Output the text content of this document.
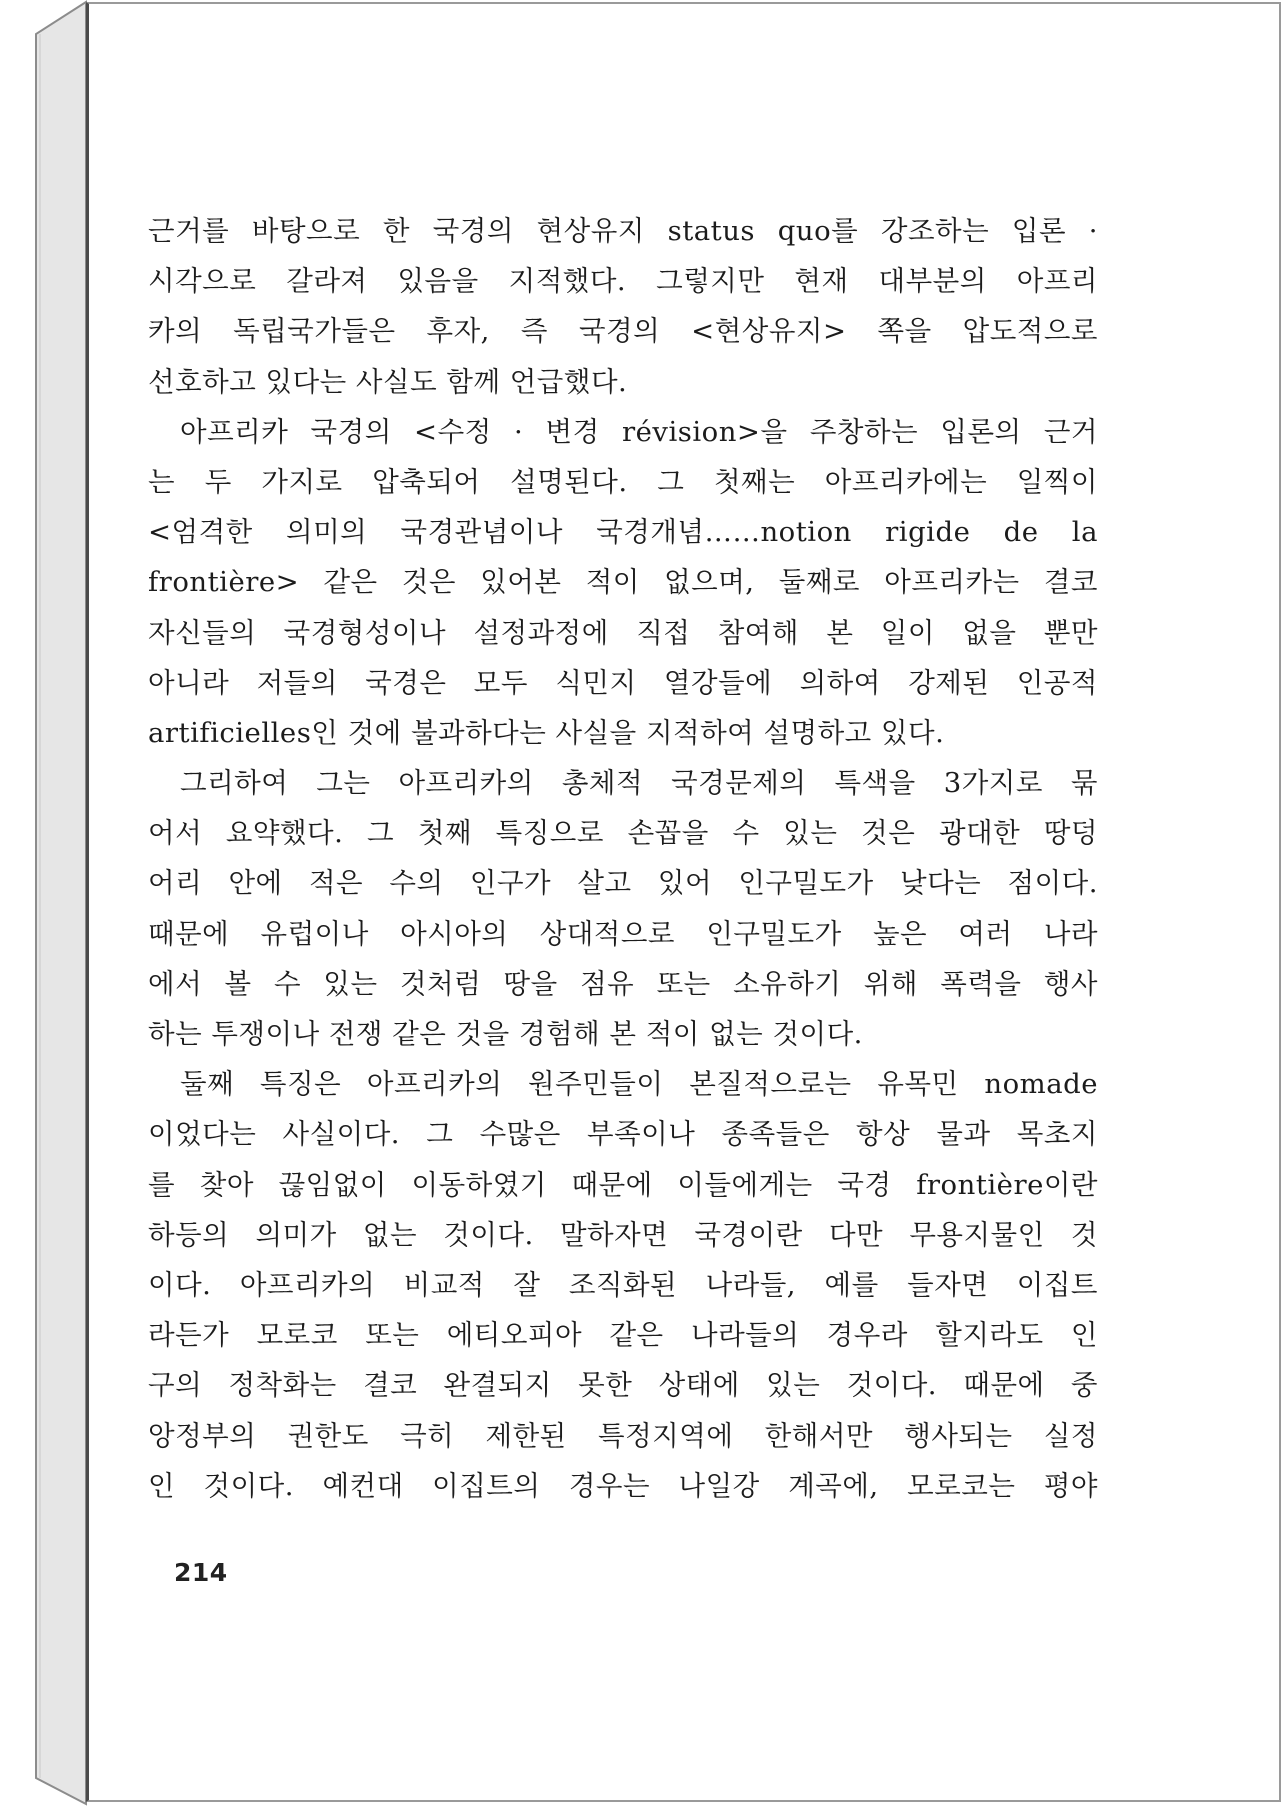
근거를 바탕으로 한 국경의 현상유지 status quo를 강조하는 입론 ·
시각으로 갈라져 있음을 지적했다. 그렇지만 현재 대부분의 아프리
카의 독립국가들은 후자, 즉 국경의 <현상유지> 쪽을 압도적으로
선호하고 있다는 사실도 함께 언급했다.
아프리카 국경의 <수정 · 변경 révision>을 주창하는 입론의 근거
는 두 가지로 압축되어 설명된다. 그 첫째는 아프리카에는 일찍이
<엄격한 의미의 국경관념이나 국경개념……notion rigide de la
frontière> 같은 것은 있어본 적이 없으며, 둘째로 아프리카는 결코
자신들의 국경형성이나 설정과정에 직접 참여해 본 일이 없을 뿐만
아니라 저들의 국경은 모두 식민지 열강들에 의하여 강제된 인공적
artificielles인 것에 불과하다는 사실을 지적하여 설명하고 있다.
그리하여 그는 아프리카의 총체적 국경문제의 특색을 3가지로 묶
어서 요약했다. 그 첫째 특징으로 손꼽을 수 있는 것은 광대한 땅덩
어리 안에 적은 수의 인구가 살고 있어 인구밀도가 낮다는 점이다.
때문에 유럽이나 아시아의 상대적으로 인구밀도가 높은 여러 나라
에서 볼 수 있는 것처럼 땅을 점유 또는 소유하기 위해 폭력을 행사
하는 투쟁이나 전쟁 같은 것을 경험해 본 적이 없는 것이다.
둘째 특징은 아프리카의 원주민들이 본질적으로는 유목민 nomade
이었다는 사실이다. 그 수많은 부족이나 종족들은 항상 물과 목초지
를 찾아 끊임없이 이동하였기 때문에 이들에게는 국경 frontière이란
하등의 의미가 없는 것이다. 말하자면 국경이란 다만 무용지물인 것
이다. 아프리카의 비교적 잘 조직화된 나라들, 예를 들자면 이집트
라든가 모로코 또는 에티오피아 같은 나라들의 경우라 할지라도 인
구의 정착화는 결코 완결되지 못한 상태에 있는 것이다. 때문에 중
앙정부의 권한도 극히 제한된 특정지역에 한해서만 행사되는 실정
인 것이다. 예컨대 이집트의 경우는 나일강 계곡에, 모로코는 평야
214
